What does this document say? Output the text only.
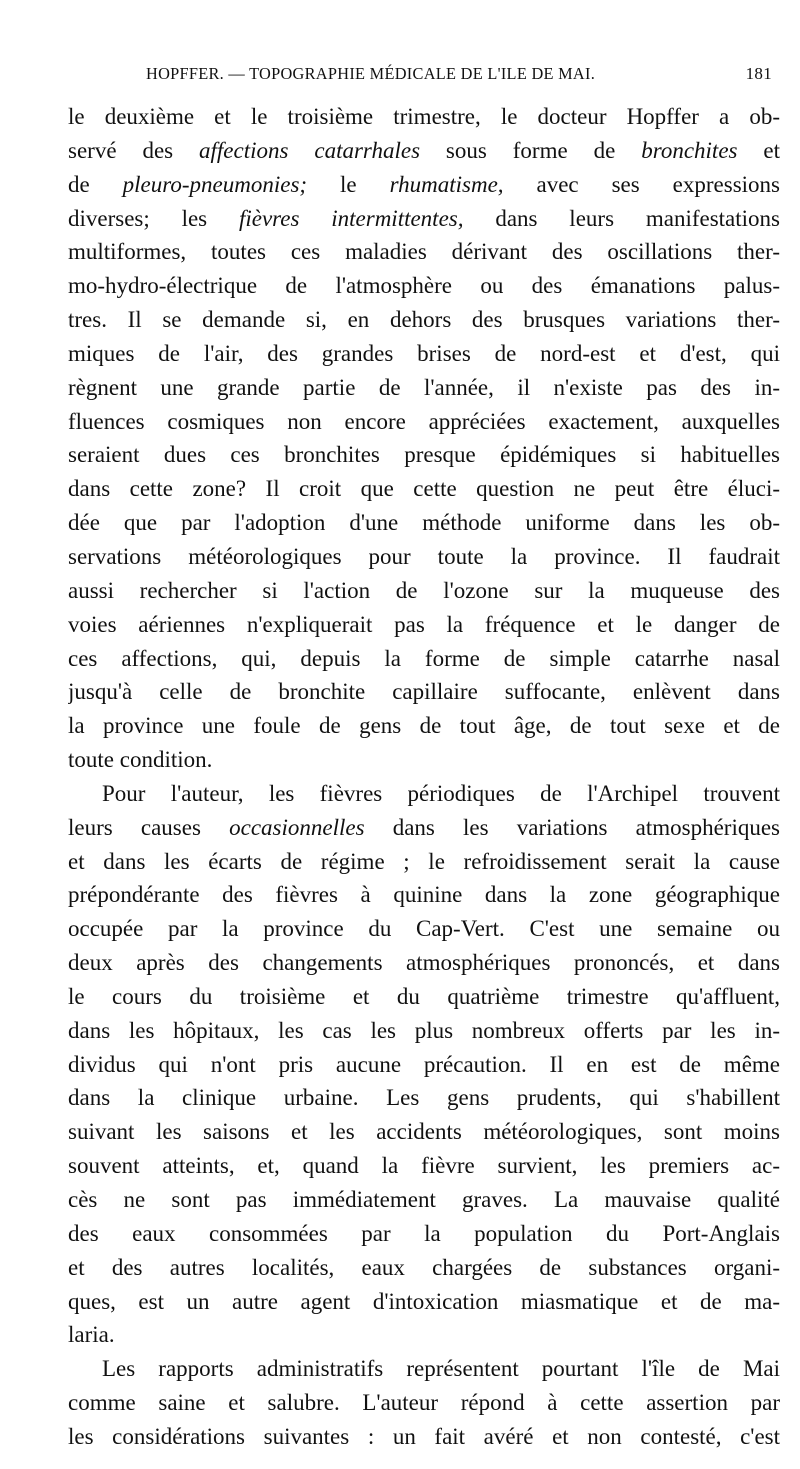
HOPFFER. — TOPOGRAPHIE MÉDICALE DE L'ILE DE MAI.	181
le deuxième et le troisième trimestre, le docteur Hopffer a ob-
servé des affections catarrhales sous forme de bronchites et
de pleuro-pneumonies; le rhumatisme, avec ses expressions
diverses; les fièvres intermittentes, dans leurs manifestations
multiformes, toutes ces maladies dérivant des oscillations ther-
mo-hydro-électrique de l'atmosphère ou des émanations palus-
tres. Il se demande si, en dehors des brusques variations ther-
miques de l'air, des grandes brises de nord-est et d'est, qui
règnent une grande partie de l'année, il n'existe pas des in-
fluences cosmiques non encore appréciées exactement, auxquelles
seraient dues ces bronchites presque épidémiques si habituelles
dans cette zone? Il croit que cette question ne peut être éluci-
dée que par l'adoption d'une méthode uniforme dans les ob-
servations météorologiques pour toute la province. Il faudrait
aussi rechercher si l'action de l'ozone sur la muqueuse des
voies aériennes n'expliquerait pas la fréquence et le danger de
ces affections, qui, depuis la forme de simple catarrhe nasal
jusqu'à celle de bronchite capillaire suffocante, enlèvent dans
la province une foule de gens de tout âge, de tout sexe et de
toute condition.
Pour l'auteur, les fièvres périodiques de l'Archipel trouvent
leurs causes occasionnelles dans les variations atmosphériques
et dans les écarts de régime ; le refroidissement serait la cause
prépondérante des fièvres à quinine dans la zone géographique
occupée par la province du Cap-Vert. C'est une semaine ou
deux après des changements atmosphériques prononcés, et dans
le cours du troisième et du quatrième trimestre qu'affluent,
dans les hôpitaux, les cas les plus nombreux offerts par les in-
dividus qui n'ont pris aucune précaution. Il en est de même
dans la clinique urbaine. Les gens prudents, qui s'habillent
suivant les saisons et les accidents météorologiques, sont moins
souvent atteints, et, quand la fièvre survient, les premiers ac-
cès ne sont pas immédiatement graves. La mauvaise qualité
des eaux consommées par la population du Port-Anglais
et des autres localités, eaux chargées de substances organi-
ques, est un autre agent d'intoxication miasmatique et de ma-
laria.
Les rapports administratifs représentent pourtant l'île de Mai
comme saine et salubre. L'auteur répond à cette assertion par
les considérations suivantes : un fait avéré et non contesté, c'est
